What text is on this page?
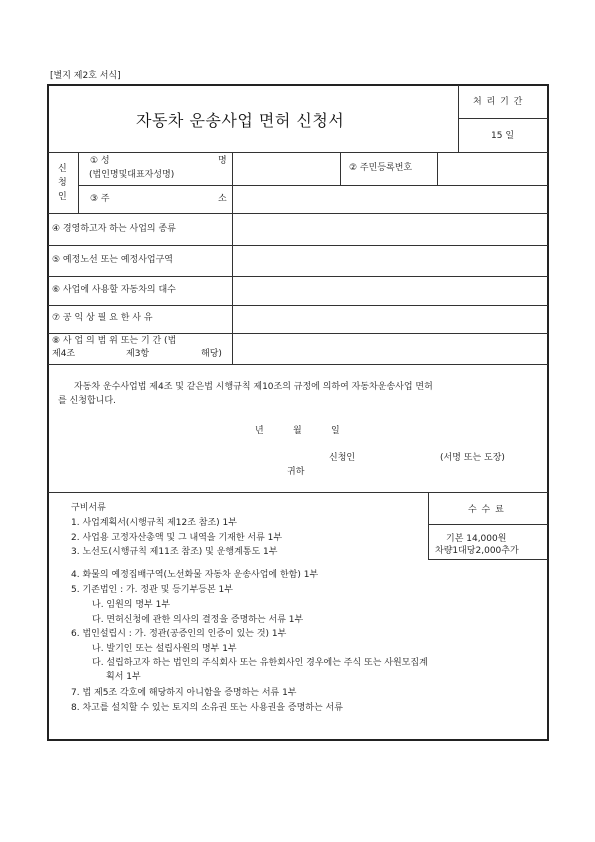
[별지 제2호 서식]
자동차 운송사업 면허 신청서
처 리 기 간
15 일
신
청
인
① 성	명
(법인명및대표자성명)
② 주민등록번호
③ 주	소
④ 경영하고자 하는 사업의 종류
⑤ 예정노선 또는 예정사업구역
⑥ 사업에 사용할 자동차의 대수
⑦ 공 익 상 필 요 한 사 유
⑧ 사 업 의 범 위 또는 기 간 (법
제4조	제3항	해당)
자동차 운수사업법 제4조 및 같은법 시행규칙 제10조의 규정에 의하여 자동차운송사업 면허
를 신청합니다.
년	월	일
신청인	(서명 또는 도장)
귀하
수 수 료
기본 14,000원
차량1대당2,000추가
구비서류
1. 사업계획서(시행규칙 제12조 참조) 1부
2. 사업용 고정자산총액 및 그 내역을 기재한 서류 1부
3. 노선도(시행규칙 제11조 참조) 및 운행계통도 1부
4. 화물의 예정집배구역(노선화물 자동차 운송사업에 한함) 1부
5. 기존법인 : 가. 정관 및 등기부등본 1부
나. 임원의 명부 1부
다. 면허신청에 관한 의사의 결정을 증명하는 서류 1부
6. 법인설립시 : 가. 정관(공증인의 인증이 있는 것) 1부
나. 발기인 또는 설립사원의 명부 1부
다. 설립하고자 하는 법인의 주식회사 또는 유한회사인 경우에는 주식 또는 사원모집계
획서 1부
7. 법 제5조 각호에 해당하지 아니함을 증명하는 서류 1부
8. 차고를 설치할 수 있는 토지의 소유권 또는 사용권을 증명하는 서류
